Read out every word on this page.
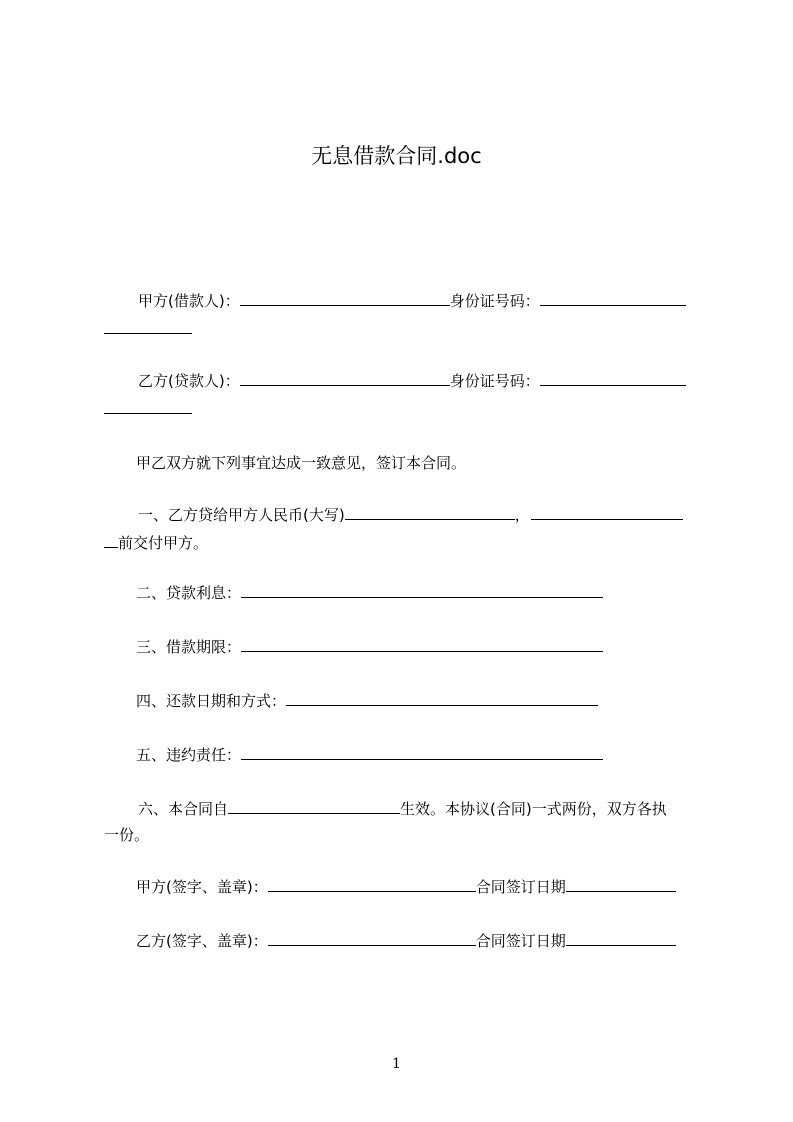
无息借款合同.doc
甲方(借款人)：	身份证号码：
乙方(贷款人)：	身份证号码：
甲乙双方就下列事宜达成一致意见，签订本合同。
一、乙方贷给甲方人民币(大写)	，
前交付甲方。
二、贷款利息：
三、借款期限：
四、还款日期和方式：
五、违约责任：
六、本合同自	生效。本协议(合同)一式两份，双方各执
一份。
甲方(签字、盖章)：	合同签订日期
乙方(签字、盖章)：	合同签订日期
1
